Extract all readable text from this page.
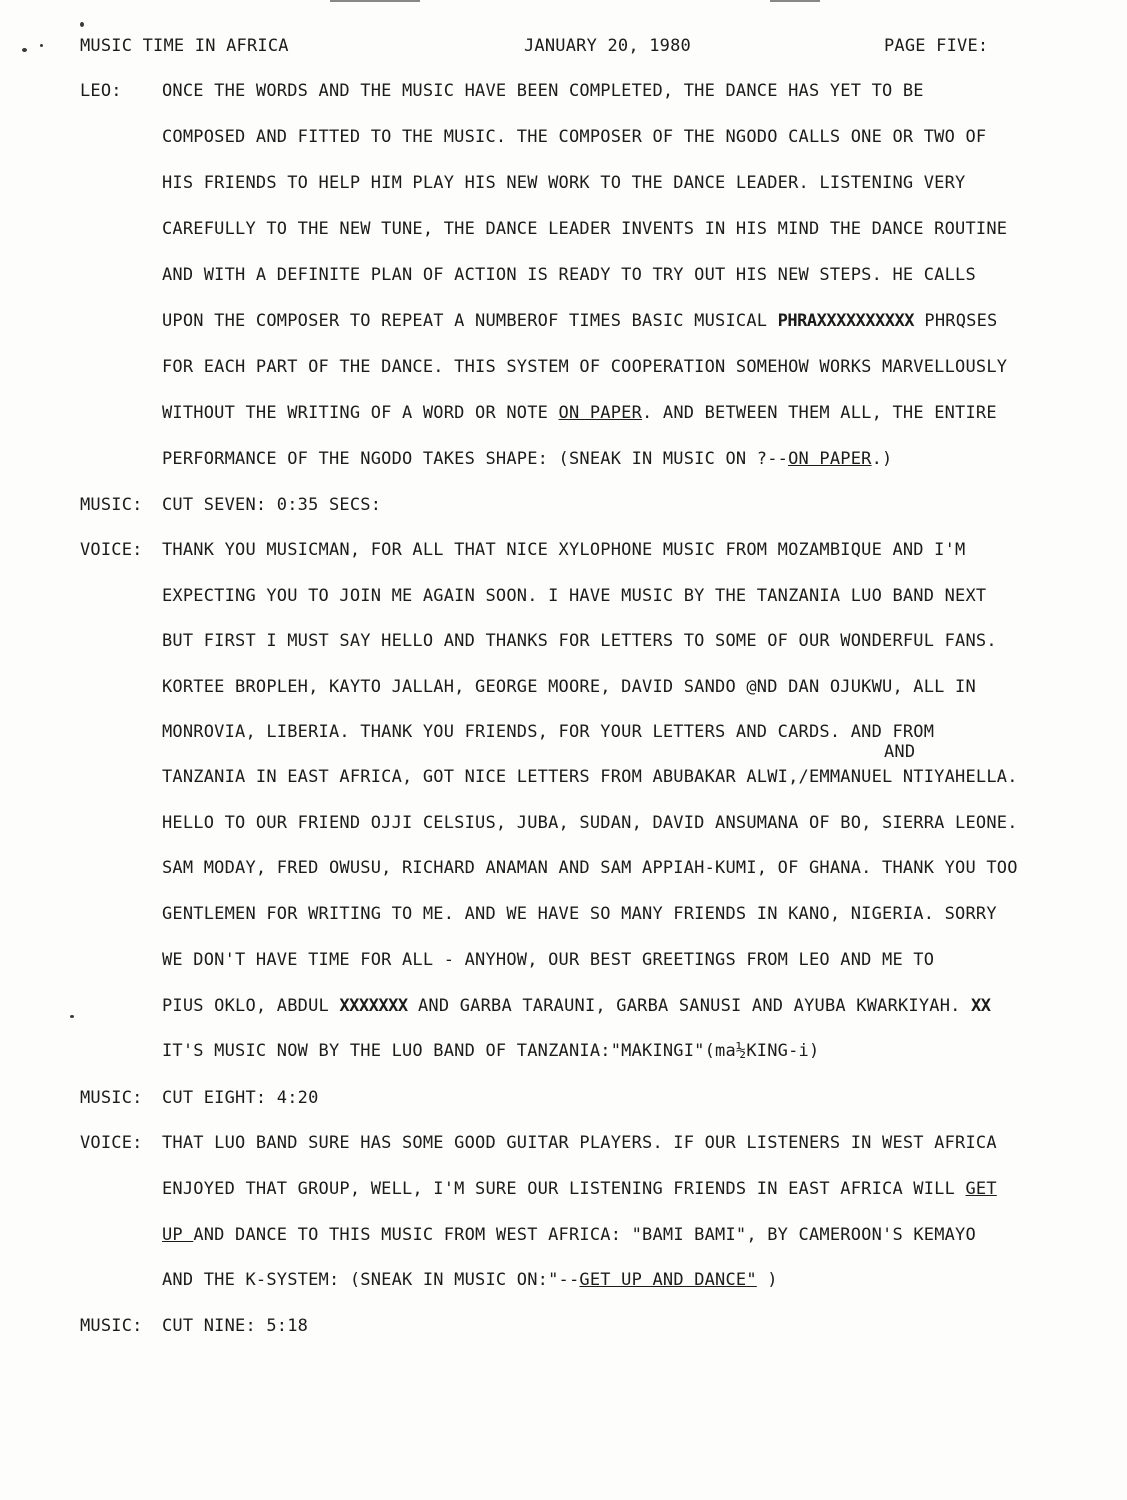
MUSIC TIME IN AFRICA	JANUARY 20, 1980	PAGE FIVE:
LEO: ONCE THE WORDS AND THE MUSIC HAVE BEEN COMPLETED, THE DANCE HAS YET TO BE
COMPOSED AND FITTED TO THE MUSIC. THE COMPOSER OF THE NGODO CALLS ONE OR TWO OF
HIS FRIENDS TO HELP HIM PLAY HIS NEW WORK TO THE DANCE LEADER. LISTENING VERY
CAREFULLY TO THE NEW TUNE, THE DANCE LEADER INVENTS IN HIS MIND THE DANCE ROUTINE
AND WITH A DEFINITE PLAN OF ACTION IS READY TO TRY OUT HIS NEW STEPS. HE CALLS
UPON THE COMPOSER TO REPEAT A NUMBEROF TIMES BASIC MUSICAL PHRAXXXXXXXXXX PHRQSES
FOR EACH PART OF THE DANCE. THIS SYSTEM OF COOPERATION SOMEHOW WORKS MARVELLOUSLY
WITHOUT THE WRITING OF A WORD OR NOTE ON PAPER. AND BETWEEN THEM ALL, THE ENTIRE
PERFORMANCE OF THE NGODO TAKES SHAPE: (SNEAK IN MUSIC ON ?--ON PAPER.)
MUSIC: CUT SEVEN: 0:35 SECS:
VOICE: THANK YOU MUSICMAN, FOR ALL THAT NICE XYLOPHONE MUSIC FROM MOZAMBIQUE AND I'M
EXPECTING YOU TO JOIN ME AGAIN SOON. I HAVE MUSIC BY THE TANZANIA LUO BAND NEXT
BUT FIRST I MUST SAY HELLO AND THANKS FOR LETTERS TO SOME OF OUR WONDERFUL FANS.
KORTEE BROPLEH, KAYTO JALLAH, GEORGE MOORE, DAVID SANDO @ND DAN OJUKWU, ALL IN
MONROVIA, LIBERIA. THANK YOU FRIENDS, FOR YOUR LETTERS AND CARDS. AND FROM
AND
TANZANIA IN EAST AFRICA, GOT NICE LETTERS FROM ABUBAKAR ALWI,/EMMANUEL NTIYAHELLA.
HELLO TO OUR FRIEND OJJI CELSIUS, JUBA, SUDAN, DAVID ANSUMANA OF BO, SIERRA LEONE.
SAM MODAY, FRED OWUSU, RICHARD ANAMAN AND SAM APPIAH-KUMI, OF GHANA. THANK YOU TOO
GENTLEMEN FOR WRITING TO ME. AND WE HAVE SO MANY FRIENDS IN KANO, NIGERIA. SORRY
WE DON'T HAVE TIME FOR ALL - ANYHOW, OUR BEST GREETINGS FROM LEO AND ME TO
PIUS OKLO, ABDUL XXXXXXX AND GARBA TARAUNI, GARBA SANUSI AND AYUBA KWARKIYAH. XX
IT'S MUSIC NOW BY THE LUO BAND OF TANZANIA:"MAKINGI"(ma½KING-i)
MUSIC: CUT EIGHT: 4:20
VOICE: THAT LUO BAND SURE HAS SOME GOOD GUITAR PLAYERS. IF OUR LISTENERS IN WEST AFRICA
ENJOYED THAT GROUP, WELL, I'M SURE OUR LISTENING FRIENDS IN EAST AFRICA WILL GET
UP AND DANCE TO THIS MUSIC FROM WEST AFRICA: "BAMI BAMI", BY CAMEROON'S KEMAYO
AND THE K-SYSTEM: (SNEAK IN MUSIC ON:"--GET UP AND DANCE" )
MUSIC: CUT NINE: 5:18
